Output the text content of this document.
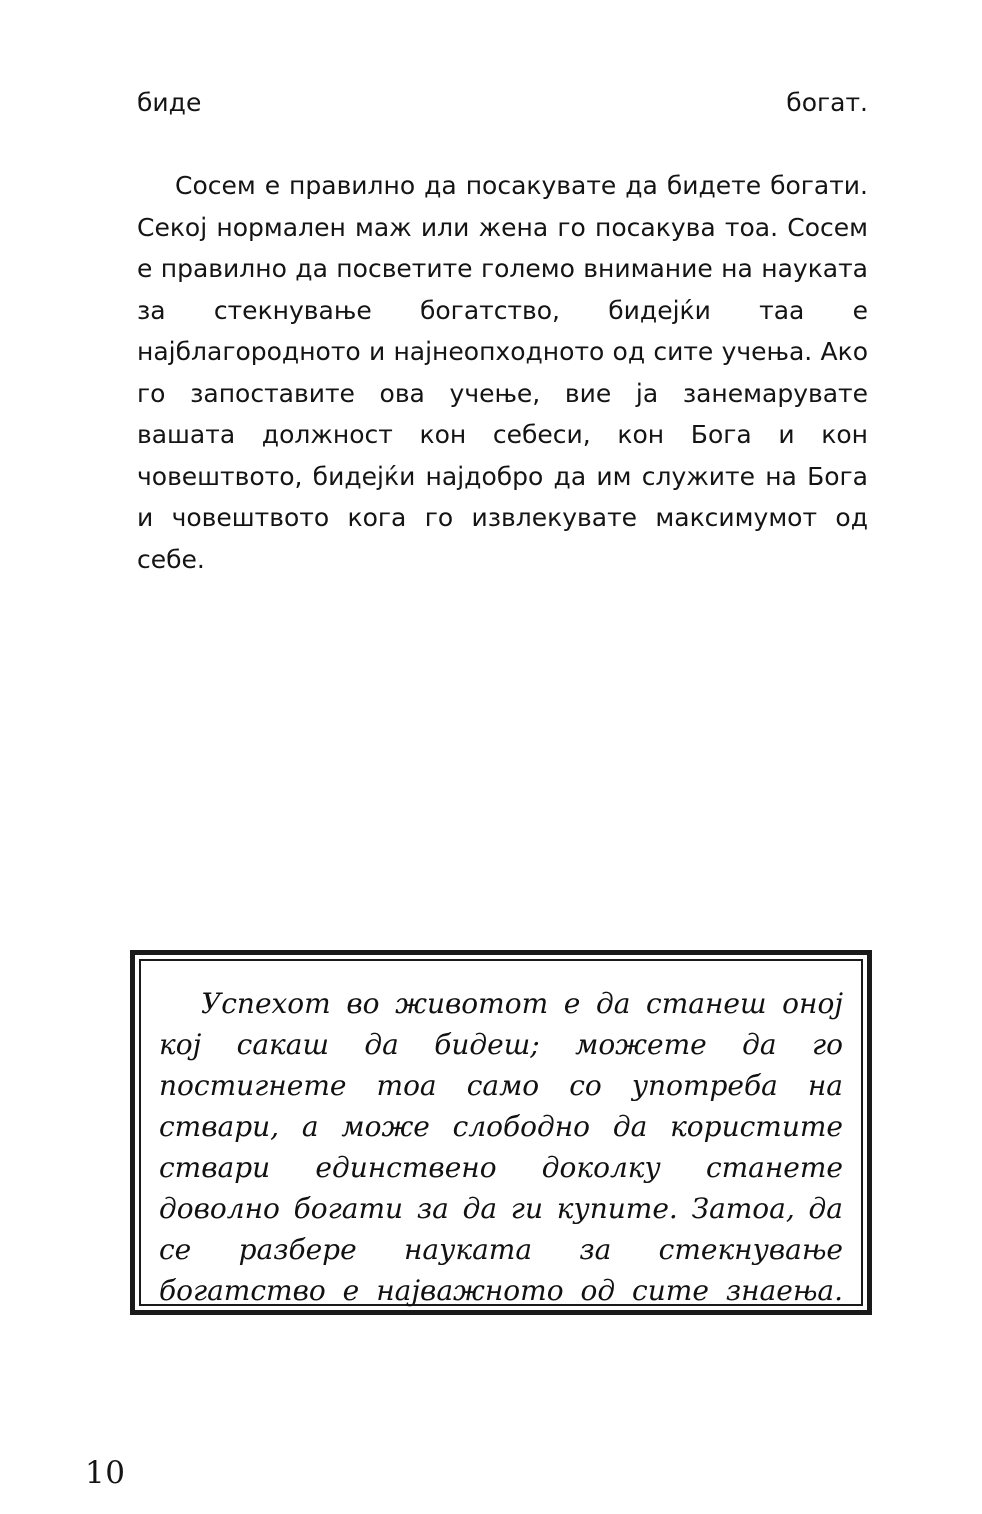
биде богат.

Сосем е правилно да посакувате да бидете богати. Секој нормален маж или жена го посакува тоа. Сосем е правилно да посветите големо внимание на науката за стекнување богатство, бидејќи таа е најблагородното и најнеопходното од сите учења. Ако го запоставите ова учење, вие ја занемарувате вашата должност кон себеси, кон Бога и кон човештвото, бидејќи најдобро да им служите на Бога и човештвото кога го извлекувате максимумот од себе.

Успехот во животот е да станеш оној кој сакаш да бидеш; можете да го постигнете тоа само со употреба на ствари, а може слободно да користите ствари единствено доколку станете доволно богати за да ги купите. Затоа, да се разбере науката за стекнување богатство е најважното од сите знаења.
10
